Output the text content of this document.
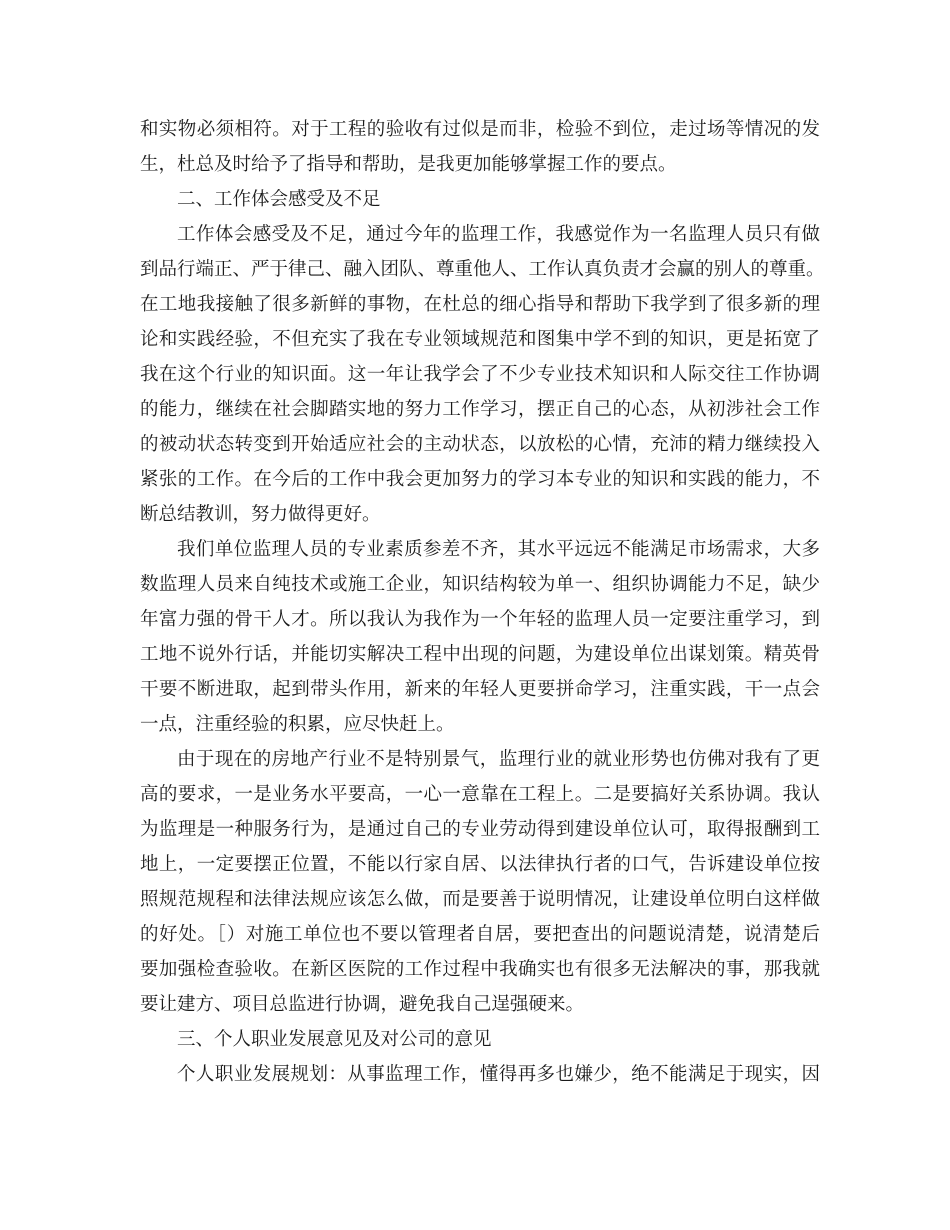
和实物必须相符。对于工程的验收有过似是而非，检验不到位，走过场等情况的发
生，杜总及时给予了指导和帮助，是我更加能够掌握工作的要点。
二、工作体会感受及不足
工作体会感受及不足，通过今年的监理工作，我感觉作为一名监理人员只有做
到品行端正、严于律己、融入团队、尊重他人、工作认真负责才会赢的别人的尊重。
在工地我接触了很多新鲜的事物，在杜总的细心指导和帮助下我学到了很多新的理
论和实践经验，不但充实了我在专业领域规范和图集中学不到的知识，更是拓宽了
我在这个行业的知识面。这一年让我学会了不少专业技术知识和人际交往工作协调
的能力，继续在社会脚踏实地的努力工作学习，摆正自己的心态，从初涉社会工作
的被动状态转变到开始适应社会的主动状态，以放松的心情，充沛的精力继续投入
紧张的工作。在今后的工作中我会更加努力的学习本专业的知识和实践的能力，不
断总结教训，努力做得更好。
我们单位监理人员的专业素质参差不齐，其水平远远不能满足市场需求，大多
数监理人员来自纯技术或施工企业，知识结构较为单一、组织协调能力不足，缺少
年富力强的骨干人才。所以我认为我作为一个年轻的监理人员一定要注重学习，到
工地不说外行话，并能切实解决工程中出现的问题，为建设单位出谋划策。精英骨
干要不断进取，起到带头作用，新来的年轻人更要拼命学习，注重实践，干一点会
一点，注重经验的积累，应尽快赶上。
由于现在的房地产行业不是特别景气，监理行业的就业形势也仿佛对我有了更
高的要求，一是业务水平要高，一心一意靠在工程上。二是要搞好关系协调。我认
为监理是一种服务行为，是通过自己的专业劳动得到建设单位认可，取得报酬到工
地上，一定要摆正位置，不能以行家自居、以法律执行者的口气，告诉建设单位按
照规范规程和法律法规应该怎么做，而是要善于说明情况，让建设单位明白这样做
的好处。［）对施工单位也不要以管理者自居，要把查出的问题说清楚，说清楚后
要加强检查验收。在新区医院的工作过程中我确实也有很多无法解决的事，那我就
要让建方、项目总监进行协调，避免我自己逞强硬来。
三、个人职业发展意见及对公司的意见
个人职业发展规划：从事监理工作，懂得再多也嫌少，绝不能满足于现实，因
